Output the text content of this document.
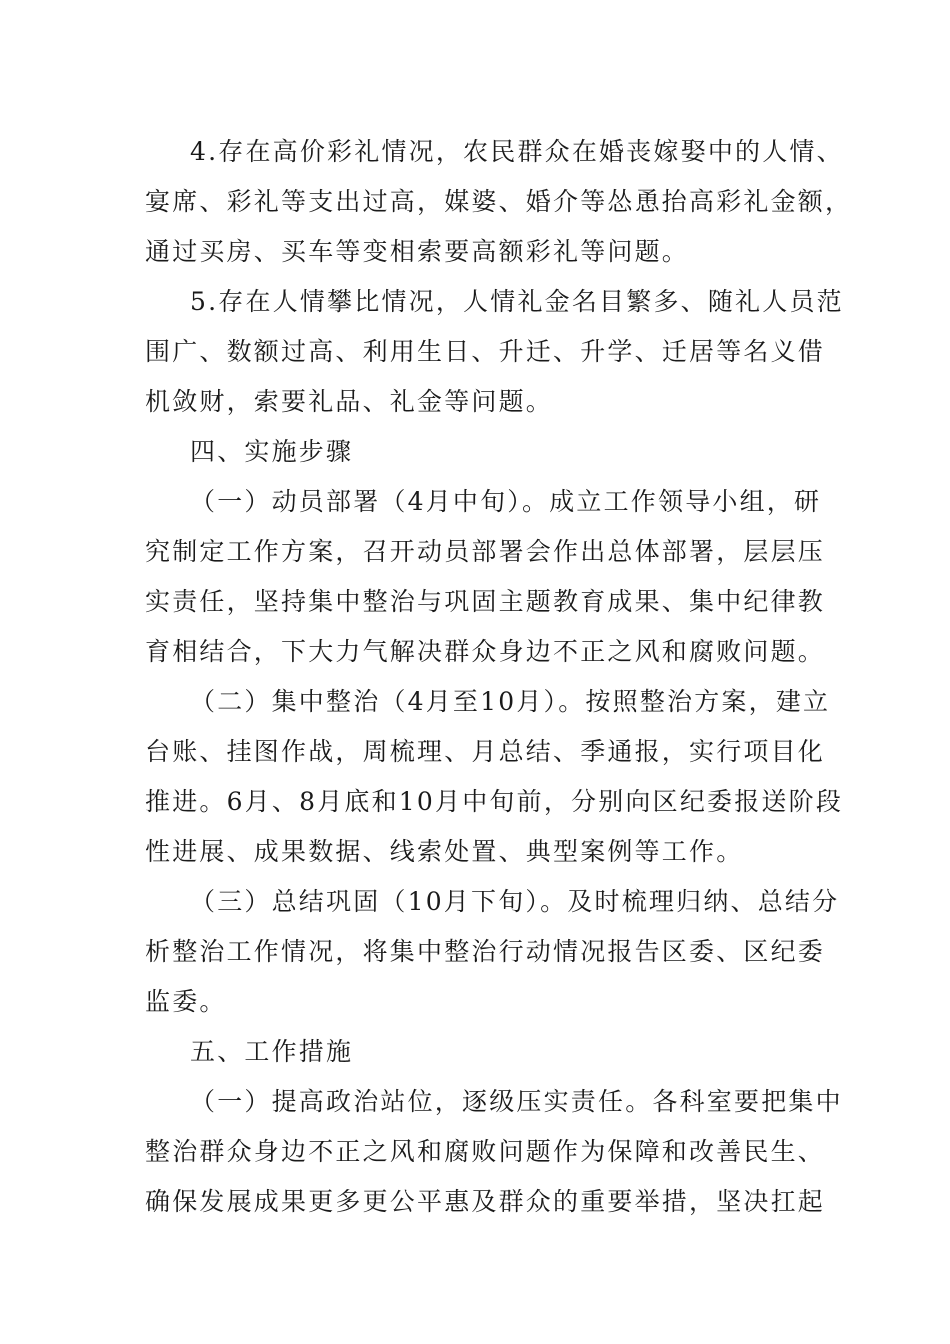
4.存在高价彩礼情况，农民群众在婚丧嫁娶中的人情、
宴席、彩礼等支出过高，媒婆、婚介等怂恿抬高彩礼金额，
通过买房、买车等变相索要高额彩礼等问题。
5.存在人情攀比情况，人情礼金名目繁多、随礼人员范
围广、数额过高、利用生日、升迁、升学、迁居等名义借
机敛财，索要礼品、礼金等问题。
四、实施步骤
（一）动员部署（4月中旬）。成立工作领导小组，研
究制定工作方案，召开动员部署会作出总体部署，层层压
实责任，坚持集中整治与巩固主题教育成果、集中纪律教
育相结合，下大力气解决群众身边不正之风和腐败问题。
（二）集中整治（4月至10月）。按照整治方案，建立
台账、挂图作战，周梳理、月总结、季通报，实行项目化
推进。6月、8月底和10月中旬前，分别向区纪委报送阶段
性进展、成果数据、线索处置、典型案例等工作。
（三）总结巩固（10月下旬）。及时梳理归纳、总结分
析整治工作情况，将集中整治行动情况报告区委、区纪委
监委。
五、工作措施
（一）提高政治站位，逐级压实责任。各科室要把集中
整治群众身边不正之风和腐败问题作为保障和改善民生、
确保发展成果更多更公平惠及群众的重要举措，坚决扛起
